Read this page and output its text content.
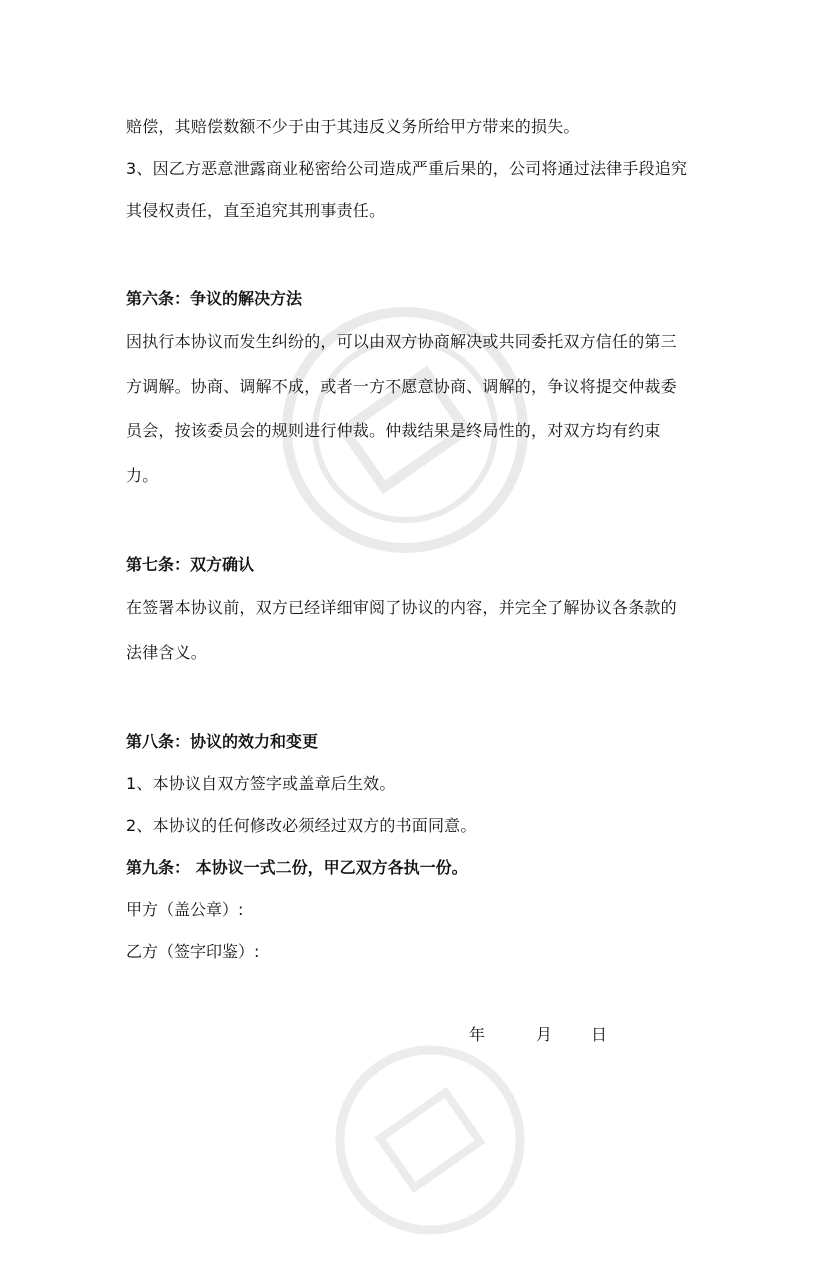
赔偿，其赔偿数额不少于由于其违反义务所给甲方带来的损失。
3、因乙方恶意泄露商业秘密给公司造成严重后果的，公司将通过法律手段追究
其侵权责任，直至追究其刑事责任。
第六条：争议的解决方法
因执行本协议而发生纠纷的，可以由双方协商解决或共同委托双方信任的第三
方调解。协商、调解不成，或者一方不愿意协商、调解的，争议将提交仲裁委
员会，按该委员会的规则进行仲裁。仲裁结果是终局性的，对双方均有约束
力。
第七条：双方确认
在签署本协议前，双方已经详细审阅了协议的内容，并完全了解协议各条款的
法律含义。
第八条：协议的效力和变更
1、本协议自双方签字或盖章后生效。
2、本协议的任何修改必须经过双方的书面同意。
第九条： 本协议一式二份，甲乙双方各执一份。
甲方（盖公章）:
乙方（签字印鉴）:
年	月 日
